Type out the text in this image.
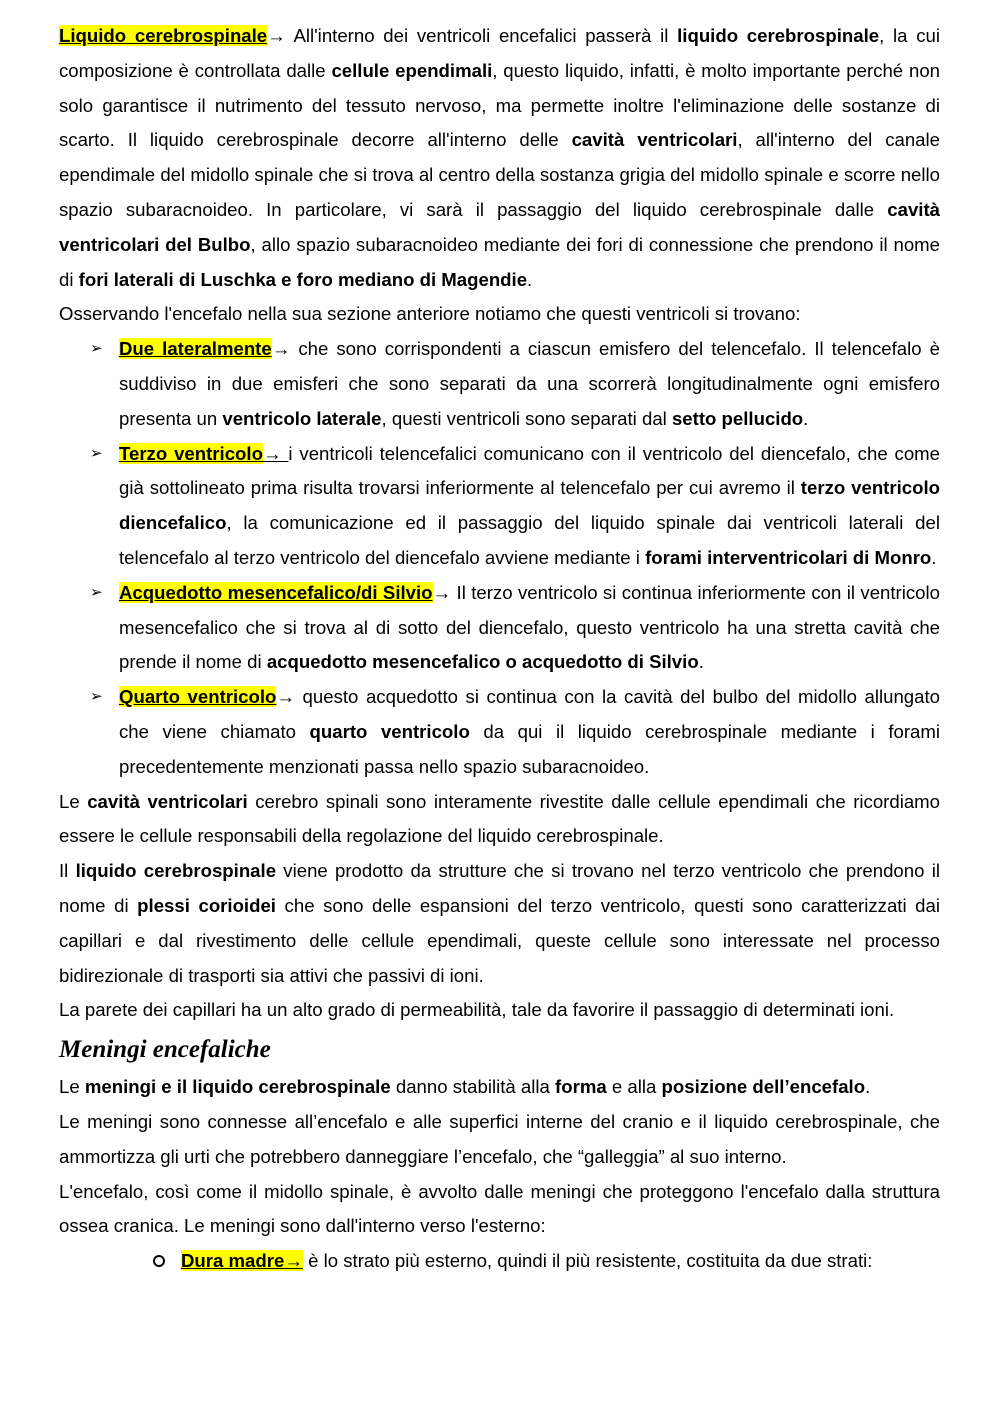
Liquido cerebrospinale→ All'interno dei ventricoli encefalici passerà il liquido cerebrospinale, la cui composizione è controllata dalle cellule ependimali, questo liquido, infatti, è molto importante perché non solo garantisce il nutrimento del tessuto nervoso, ma permette inoltre l'eliminazione delle sostanze di scarto. Il liquido cerebrospinale decorre all'interno delle cavità ventricolari, all'interno del canale ependimale del midollo spinale che si trova al centro della sostanza grigia del midollo spinale e scorre nello spazio subaracnoideo. In particolare, vi sarà il passaggio del liquido cerebrospinale dalle cavità ventricolari del Bulbo, allo spazio subaracnoideo mediante dei fori di connessione che prendono il nome di fori laterali di Luschka e foro mediano di Magendie.

Osservando l'encefalo nella sua sezione anteriore notiamo che questi ventricoli si trovano:

➢ Due lateralmente→ che sono corrispondenti a ciascun emisfero del telencefalo. Il telencefalo è suddiviso in due emisferi che sono separati da una scorrerà longitudinalmente ogni emisfero presenta un ventricolo laterale, questi ventricoli sono separati dal setto pellucido.
➢ Terzo ventricolo→ i ventricoli telencefalici comunicano con il ventricolo del diencefalo, che come già sottolineato prima risulta trovarsi inferiormente al telencefalo per cui avremo il terzo ventricolo diencefalico, la comunicazione ed il passaggio del liquido spinale dai ventricoli laterali del telencefalo al terzo ventricolo del diencefalo avviene mediante i forami interventricolari di Monro.
➢ Acquedotto mesencefalico/di Silvio→ Il terzo ventricolo si continua inferiormente con il ventricolo mesencefalico che si trova al di sotto del diencefalo, questo ventricolo ha una stretta cavità che prende il nome di acquedotto mesencefalico o acquedotto di Silvio.
➢ Quarto ventricolo→ questo acquedotto si continua con la cavità del bulbo del midollo allungato che viene chiamato quarto ventricolo da qui il liquido cerebrospinale mediante i forami precedentemente menzionati passa nello spazio subaracnoideo.

Le cavità ventricolari cerebro spinali sono interamente rivestite dalle cellule ependimali che ricordiamo essere le cellule responsabili della regolazione del liquido cerebrospinale.

Il liquido cerebrospinale viene prodotto da strutture che si trovano nel terzo ventricolo che prendono il nome di plessi corioidei che sono delle espansioni del terzo ventricolo, questi sono caratterizzati dai capillari e dal rivestimento delle cellule ependimali, queste cellule sono interessate nel processo bidirezionale di trasporti sia attivi che passivi di ioni.

La parete dei capillari ha un alto grado di permeabilità, tale da favorire il passaggio di determinati ioni.

Meningi encefaliche

Le meningi e il liquido cerebrospinale danno stabilità alla forma e alla posizione dell’encefalo.

Le meningi sono connesse all’encefalo e alle superfici interne del cranio e il liquido cerebrospinale, che ammortizza gli urti che potrebbero danneggiare l’encefalo, che “galleggia” al suo interno.

L'encefalo, così come il midollo spinale, è avvolto dalle meningi che proteggono l'encefalo dalla struttura ossea cranica. Le meningi sono dall'interno verso l'esterno:

Dura madre→ è lo strato più esterno, quindi il più resistente, costituita da due strati:
